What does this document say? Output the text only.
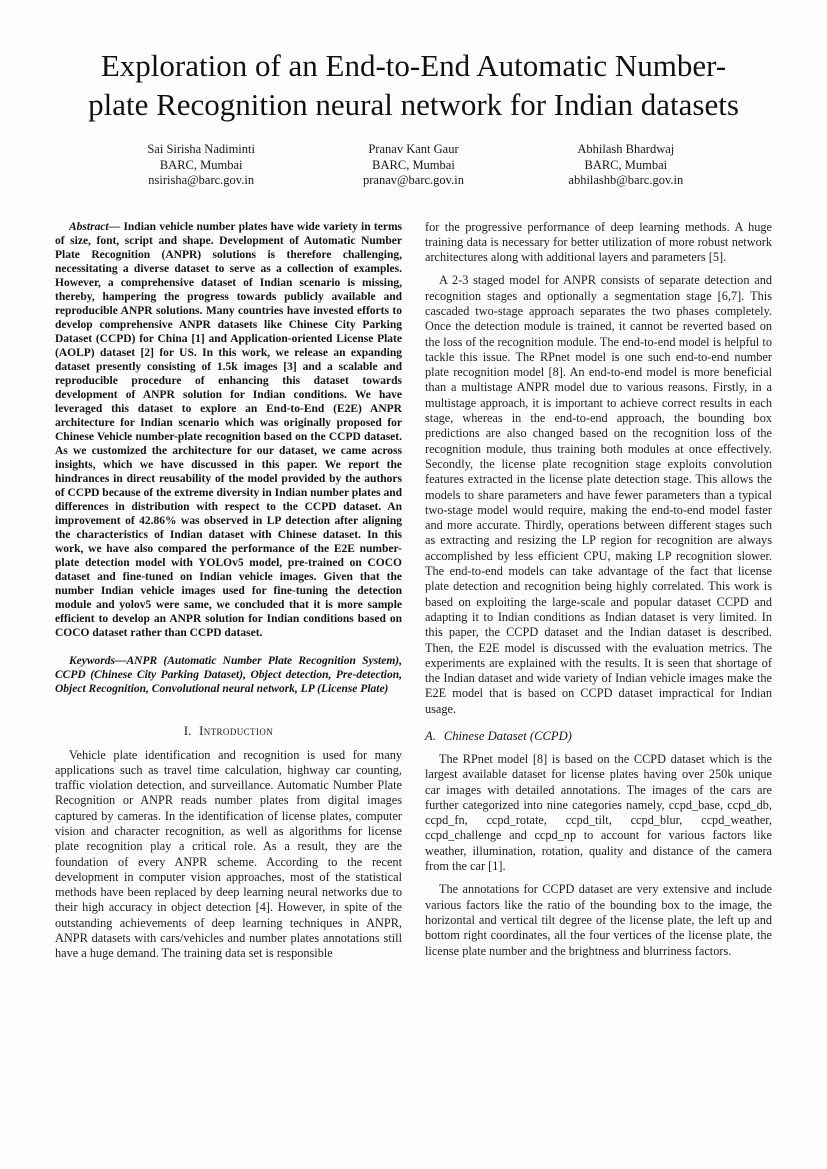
Exploration of an End-to-End Automatic Number-
plate Recognition neural network for Indian datasets
Sai Sirisha Nadiminti
BARC, Mumbai
nsirisha@barc.gov.in
Pranav Kant Gaur
BARC, Mumbai
pranav@barc.gov.in
Abhilash Bhardwaj
BARC, Mumbai
abhilashb@barc.gov.in

Abstract— Indian vehicle number plates have wide variety in terms of size, font, script and shape. Development of Automatic Number Plate Recognition (ANPR) solutions is therefore challenging, necessitating a diverse dataset to serve as a collection of examples. However, a comprehensive dataset of Indian scenario is missing, thereby, hampering the progress towards publicly available and reproducible ANPR solutions. Many countries have invested efforts to develop comprehensive ANPR datasets like Chinese City Parking Dataset (CCPD) for China [1] and Application-oriented License Plate (AOLP) dataset [2] for US. In this work, we release an expanding dataset presently consisting of 1.5k images [3] and a scalable and reproducible procedure of enhancing this dataset towards development of ANPR solution for Indian conditions. We have leveraged this dataset to explore an End-to-End (E2E) ANPR architecture for Indian scenario which was originally proposed for Chinese Vehicle number-plate recognition based on the CCPD dataset. As we customized the architecture for our dataset, we came across insights, which we have discussed in this paper. We report the hindrances in direct reusability of the model provided by the authors of CCPD because of the extreme diversity in Indian number plates and differences in distribution with respect to the CCPD dataset. An improvement of 42.86% was observed in LP detection after aligning the characteristics of Indian dataset with Chinese dataset. In this work, we have also compared the performance of the E2E number-plate detection model with YOLOv5 model, pre-trained on COCO dataset and fine-tuned on Indian vehicle images. Given that the number Indian vehicle images used for fine-tuning the detection module and yolov5 were same, we concluded that it is more sample efficient to develop an ANPR solution for Indian conditions based on COCO dataset rather than CCPD dataset.

Keywords—ANPR (Automatic Number Plate Recognition System), CCPD (Chinese City Parking Dataset), Object detection, Pre-detection, Object Recognition, Convolutional neural network, LP (License Plate)

I. Introduction

Vehicle plate identification and recognition is used for many applications such as travel time calculation, highway car counting, traffic violation detection, and surveillance. Automatic Number Plate Recognition or ANPR reads number plates from digital images captured by cameras. In the identification of license plates, computer vision and character recognition, as well as algorithms for license plate recognition play a critical role. As a result, they are the foundation of every ANPR scheme. According to the recent development in computer vision approaches, most of the statistical methods have been replaced by deep learning neural networks due to their high accuracy in object detection [4]. However, in spite of the outstanding achievements of deep learning techniques in ANPR, ANPR datasets with cars/vehicles and number plates annotations still have a huge demand. The training data set is responsible

for the progressive performance of deep learning methods. A huge training data is necessary for better utilization of more robust network architectures along with additional layers and parameters [5].

A 2-3 staged model for ANPR consists of separate detection and recognition stages and optionally a segmentation stage [6,7]. This cascaded two-stage approach separates the two phases completely. Once the detection module is trained, it cannot be reverted based on the loss of the recognition module. The end-to-end model is helpful to tackle this issue. The RPnet model is one such end-to-end number plate recognition model [8]. An end-to-end model is more beneficial than a multistage ANPR model due to various reasons. Firstly, in a multistage approach, it is important to achieve correct results in each stage, whereas in the end-to-end approach, the bounding box predictions are also changed based on the recognition loss of the recognition module, thus training both modules at once effectively. Secondly, the license plate recognition stage exploits convolution features extracted in the license plate detection stage. This allows the models to share parameters and have fewer parameters than a typical two-stage model would require, making the end-to-end model faster and more accurate. Thirdly, operations between different stages such as extracting and resizing the LP region for recognition are always accomplished by less efficient CPU, making LP recognition slower. The end-to-end models can take advantage of the fact that license plate detection and recognition being highly correlated. This work is based on exploiting the large-scale and popular dataset CCPD and adapting it to Indian conditions as Indian dataset is very limited. In this paper, the CCPD dataset and the Indian dataset is described. Then, the E2E model is discussed with the evaluation metrics. The experiments are explained with the results. It is seen that shortage of the Indian dataset and wide variety of Indian vehicle images make the E2E model that is based on CCPD dataset impractical for Indian usage.

A. Chinese Dataset (CCPD)

The RPnet model [8] is based on the CCPD dataset which is the largest available dataset for license plates having over 250k unique car images with detailed annotations. The images of the cars are further categorized into nine categories namely, ccpd_base, ccpd_db, ccpd_fn, ccpd_rotate, ccpd_tilt, ccpd_blur, ccpd_weather, ccpd_challenge and ccpd_np to account for various factors like weather, illumination, rotation, quality and distance of the camera from the car [1].

The annotations for CCPD dataset are very extensive and include various factors like the ratio of the bounding box to the image, the horizontal and vertical tilt degree of the license plate, the left up and bottom right coordinates, all the four vertices of the license plate, the license plate number and the brightness and blurriness factors.
